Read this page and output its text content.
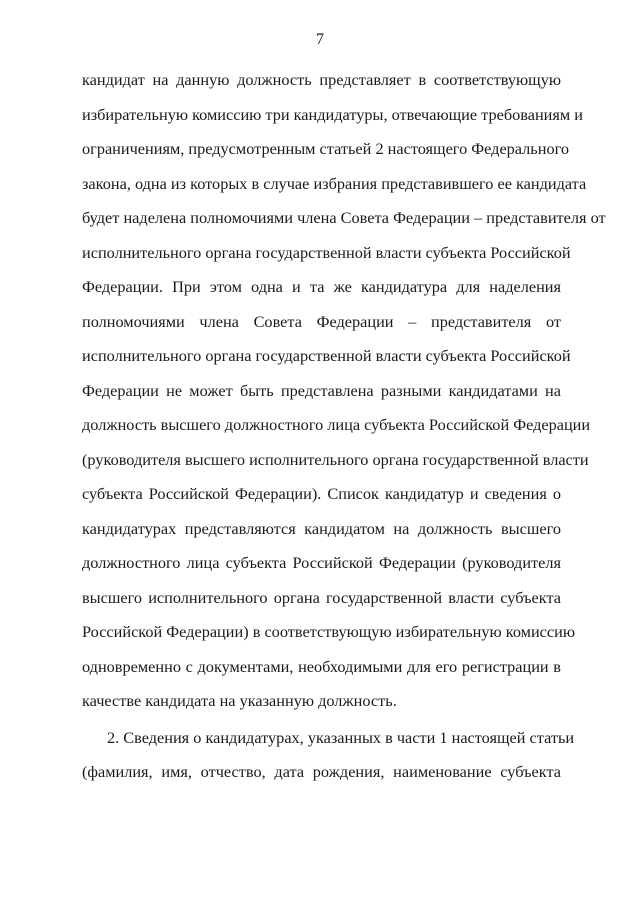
7
кандидат на данную должность представляет в соответствующую
избирательную комиссию три кандидатуры, отвечающие требованиям и
ограничениям, предусмотренным статьей 2 настоящего Федерального
закона, одна из которых в случае избрания представившего ее кандидата
будет наделена полномочиями члена Совета Федерации – представителя от
исполнительного органа государственной власти субъекта Российской
Федерации. При этом одна и та же кандидатура для наделения
полномочиями члена Совета Федерации – представителя от
исполнительного органа государственной власти субъекта Российской
Федерации не может быть представлена разными кандидатами на
должность высшего должностного лица субъекта Российской Федерации
(руководителя высшего исполнительного органа государственной власти
субъекта Российской Федерации). Список кандидатур и сведения о
кандидатурах представляются кандидатом на должность высшего
должностного лица субъекта Российской Федерации (руководителя
высшего исполнительного органа государственной власти субъекта
Российской Федерации) в соответствующую избирательную комиссию
одновременно с документами, необходимыми для его регистрации в
качестве кандидата на указанную должность.
2. Сведения о кандидатурах, указанных в части 1 настоящей статьи
(фамилия, имя, отчество, дата рождения, наименование субъекта
